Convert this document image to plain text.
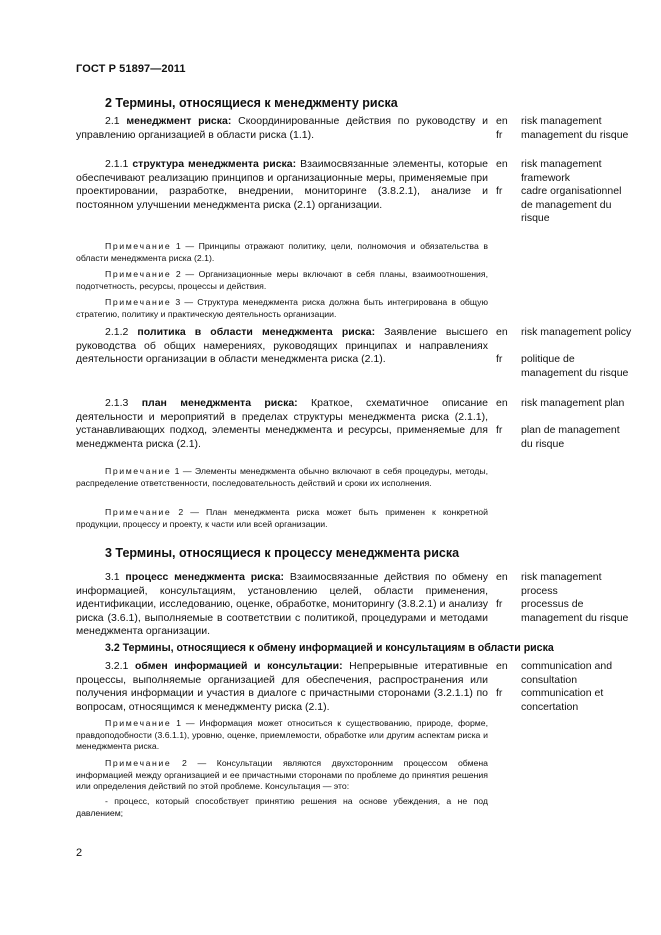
ГОСТ Р 51897—2011
2 Термины, относящиеся к менеджменту риска
2.1 менеджмент риска: Скоординированные действия по руководству и управлению организацией в области риска (1.1).
en
fr
risk management
management du risque
2.1.1 структура менеджмента риска: Взаимосвязанные элементы, которые обеспечивают реализацию принципов и организационные меры, применяемые при проектировании, разработке, внедрении, мониторинге (3.8.2.1), анализе и постоянном улучшении менеджмента риска (2.1) организации.
en
fr
risk management framework
cadre organisationnel de management du risque
Примечание 1 — Принципы отражают политику, цели, полномочия и обязательства в области менеджмента риска (2.1).
Примечание 2 — Организационные меры включают в себя планы, взаимоотношения, подотчетность, ресурсы, процессы и действия.
Примечание 3 — Структура менеджмента риска должна быть интегрирована в общую стратегию, политику и практическую деятельность организации.
2.1.2 политика в области менеджмента риска: Заявление высшего руководства об общих намерениях, руководящих принципах и направлениях деятельности организации в области менеджмента риска (2.1).
en
fr
risk management policy
politique de management du risque
2.1.3 план менеджмента риска: Краткое, схематичное описание деятельности и мероприятий в пределах структуры менеджмента риска (2.1.1), устанавливающих подход, элементы менеджмента и ресурсы, применяемые для менеджмента риска (2.1).
en
fr
risk management plan
plan de management du risque
Примечание 1 — Элементы менеджмента обычно включают в себя процедуры, методы, распределение ответственности, последовательность действий и сроки их исполнения.
Примечание 2 — План менеджмента риска может быть применен к конкретной продукции, процессу и проекту, к части или всей организации.
3 Термины, относящиеся к процессу менеджмента риска
3.1 процесс менеджмента риска: Взаимосвязанные действия по обмену информацией, консультациям, установлению целей, области применения, идентификации, исследованию, оценке, обработке, мониторингу (3.8.2.1) и анализу риска (3.6.1), выполняемые в соответствии с политикой, процедурами и методами менеджмента организации.
en
fr
risk management process
processus de management du risque
3.2 Термины, относящиеся к обмену информацией и консультациям в области риска
3.2.1 обмен информацией и консультации: Непрерывные итеративные процессы, выполняемые организацией для обеспечения, распространения или получения информации и участия в диалоге с причастными сторонами (3.2.1.1) по вопросам, относящимся к менеджменту риска (2.1).
en
fr
communication and consultation
communication et concertation
Примечание 1 — Информация может относиться к существованию, природе, форме, правдоподобности (3.6.1.1), уровню, оценке, приемлемости, обработке или другим аспектам риска и менеджмента риска.
Примечание 2 — Консультации являются двухсторонним процессом обмена информацией между организацией и ее причастными сторонами по проблеме до принятия решения или определения действий по этой проблеме. Консультация — это:
- процесс, который способствует принятию решения на основе убеждения, а не под давлением;
2
